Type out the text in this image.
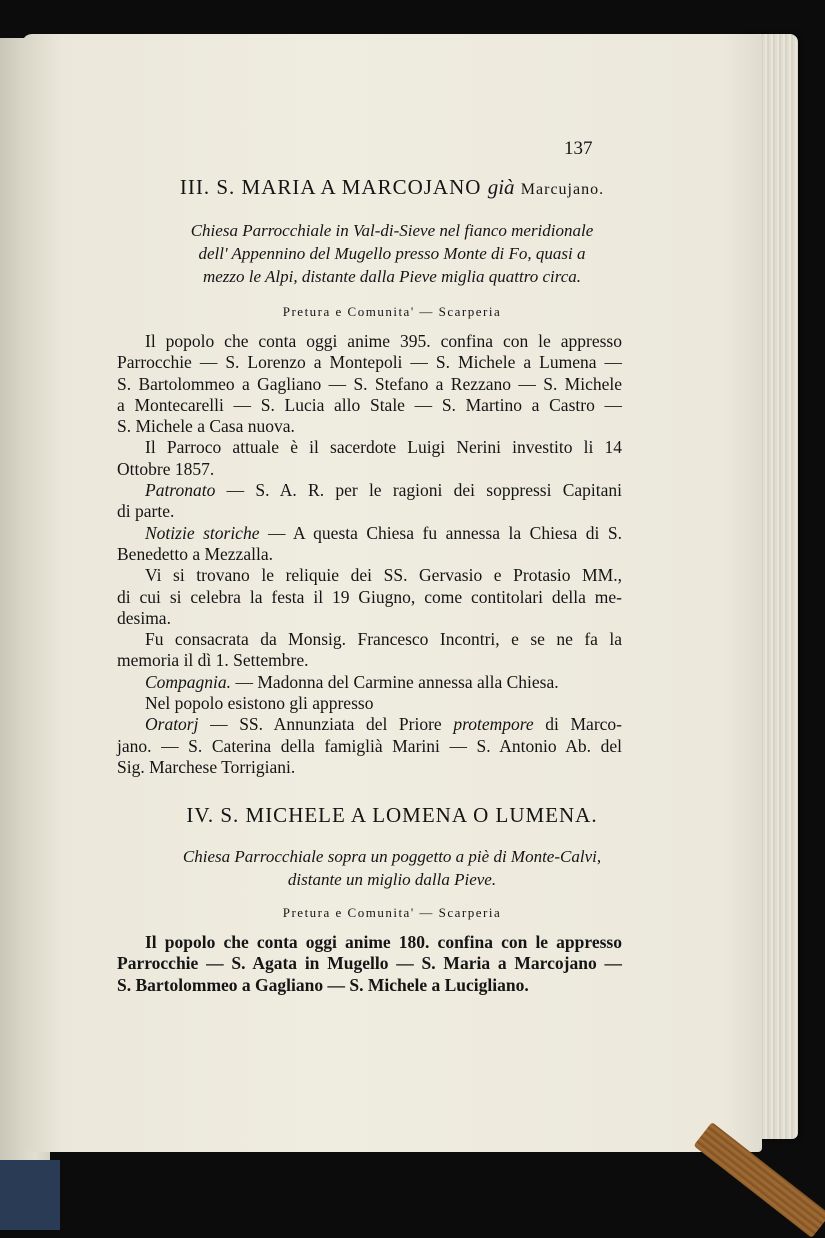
137
III. S. MARIA A MARCOJANO già Marcujano.
Chiesa Parrocchiale in Val-di-Sieve nel fianco meridionale
dell' Appennino del Mugello presso Monte di Fo, quasi a
mezzo le Alpi, distante dalla Pieve miglia quattro circa.
Pretura e Comunita' — Scarperia
Il popolo che conta oggi anime 395. confina con le appresso
Parrocchie — S. Lorenzo a Montepoli — S. Michele a Lumena —
S. Bartolommeo a Gagliano — S. Stefano a Rezzano — S. Michele
a Montecarelli — S. Lucia allo Stale — S. Martino a Castro —
S. Michele a Casa nuova.
Il Parroco attuale è il sacerdote Luigi Nerini investito li 14
Ottobre 1857.
Patronato — S. A. R. per le ragioni dei soppressi Capitani
di parte.
Notizie storiche — A questa Chiesa fu annessa la Chiesa di S.
Benedetto a Mezzalla.
Vi si trovano le reliquie dei SS. Gervasio e Protasio MM.,
di cui si celebra la festa il 19 Giugno, come contitolari della me-
desima.
Fu consacrata da Monsig. Francesco Incontri, e se ne fa la
memoria il dì 1. Settembre.
Compagnia. — Madonna del Carmine annessa alla Chiesa.
Nel popolo esistono gli appresso
Oratorj — SS. Annunziata del Priore protempore di Marco-
jano. — S. Caterina della famiglià Marini — S. Antonio Ab. del
Sig. Marchese Torrigiani.
IV. S. MICHELE A LOMENA O LUMENA.
Chiesa Parrocchiale sopra un poggetto a piè di Monte-Calvi,
distante un miglio dalla Pieve.
Pretura e Comunita' — Scarperia
Il popolo che conta oggi anime 180. confina con le appresso
Parrocchie — S. Agata in Mugello — S. Maria a Marcojano —
S. Bartolommeo a Gagliano — S. Michele a Lucigliano.
